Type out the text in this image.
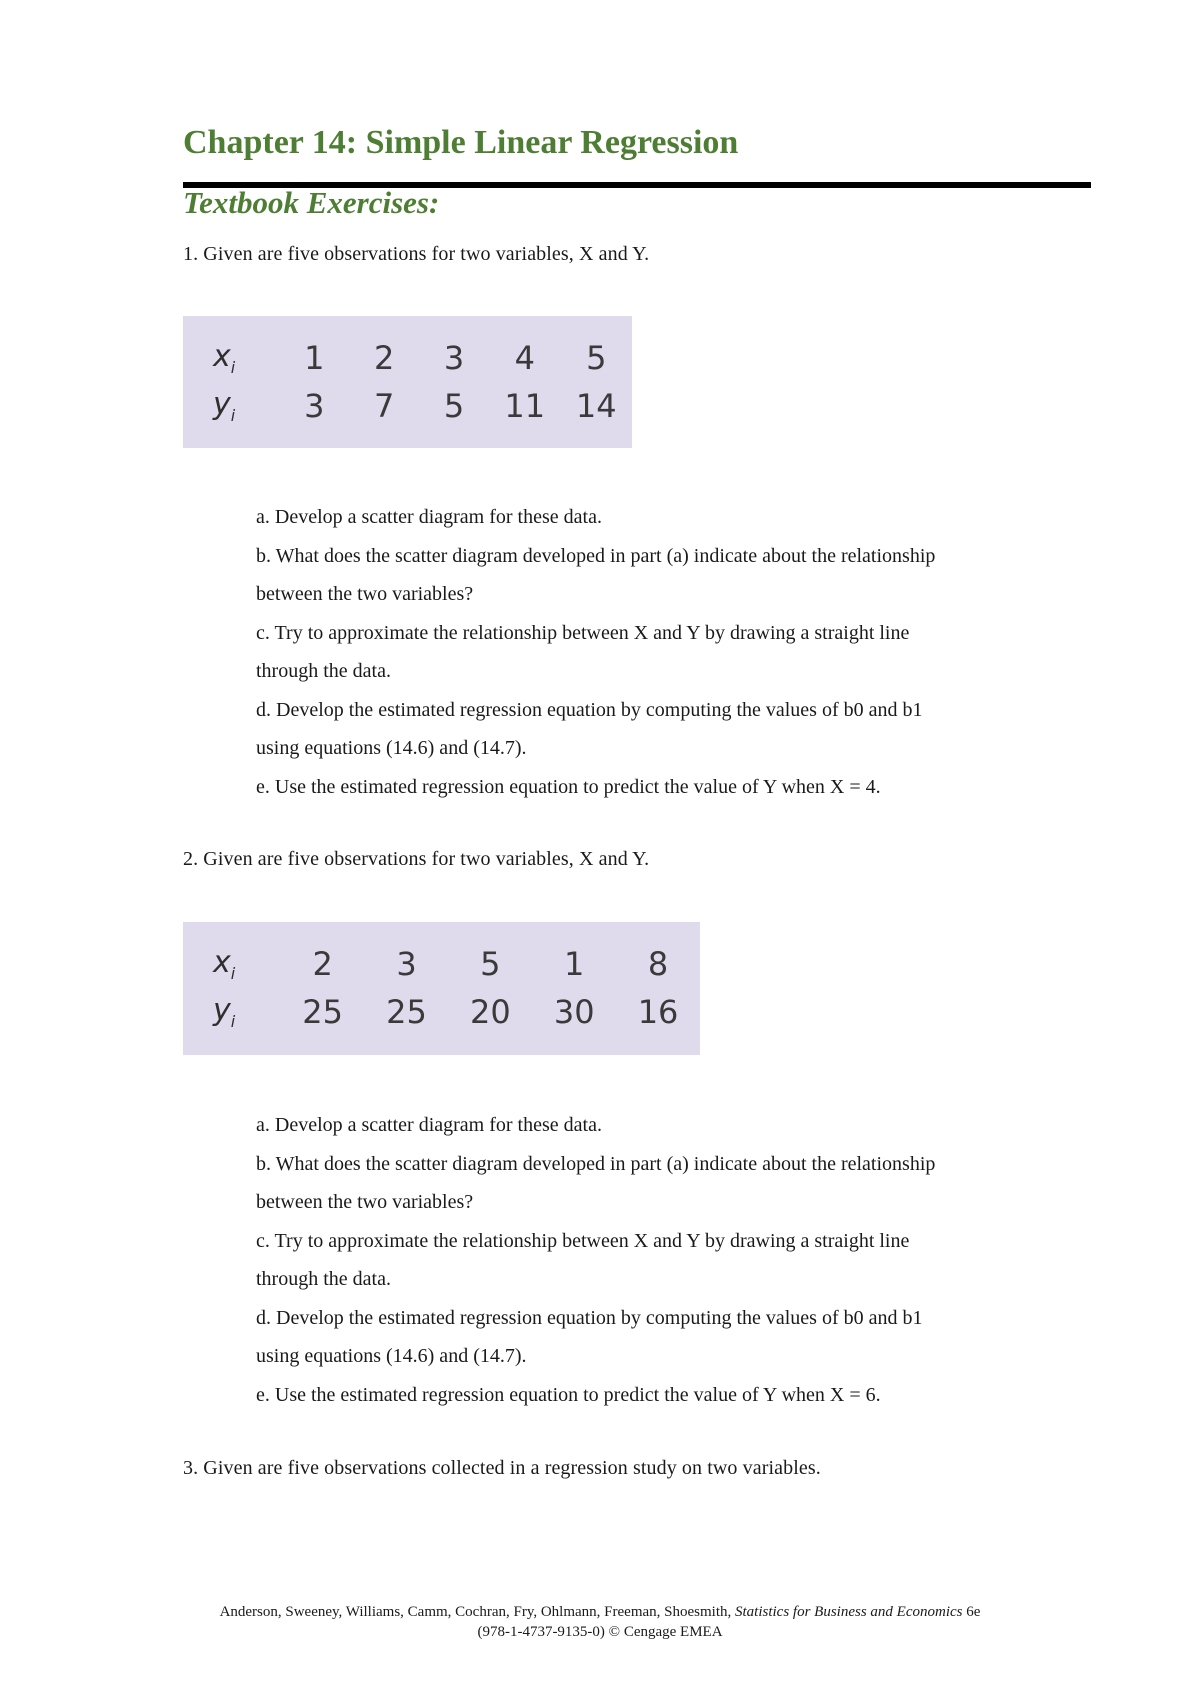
Chapter 14: Simple Linear Regression
Textbook Exercises:

1. Given are five observations for two variables, X and Y.

$x_i$	1	2	3	4	5
$y_i$	3	7	5	11	14
a. Develop a scatter diagram for these data.
b. What does the scatter diagram developed in part (a) indicate about the relationship
between the two variables?
c. Try to approximate the relationship between X and Y by drawing a straight line
through the data.
d. Develop the estimated regression equation by computing the values of b0 and b1
using equations (14.6) and (14.7).
e. Use the estimated regression equation to predict the value of Y when X = 4.

2. Given are five observations for two variables, X and Y.

$x_i$	2	3	5	1	8
$y_i$	25	25	20	30	16
a. Develop a scatter diagram for these data.
b. What does the scatter diagram developed in part (a) indicate about the relationship
between the two variables?
c. Try to approximate the relationship between X and Y by drawing a straight line
through the data.
d. Develop the estimated regression equation by computing the values of b0 and b1
using equations (14.6) and (14.7).
e. Use the estimated regression equation to predict the value of Y when X = 6.

3. Given are five observations collected in a regression study on two variables.

Anderson, Sweeney, Williams, Camm, Cochran, Fry, Ohlmann, Freeman, Shoesmith, Statistics for Business and Economics 6e
(978-1-4737-9135-0) © Cengage EMEA
